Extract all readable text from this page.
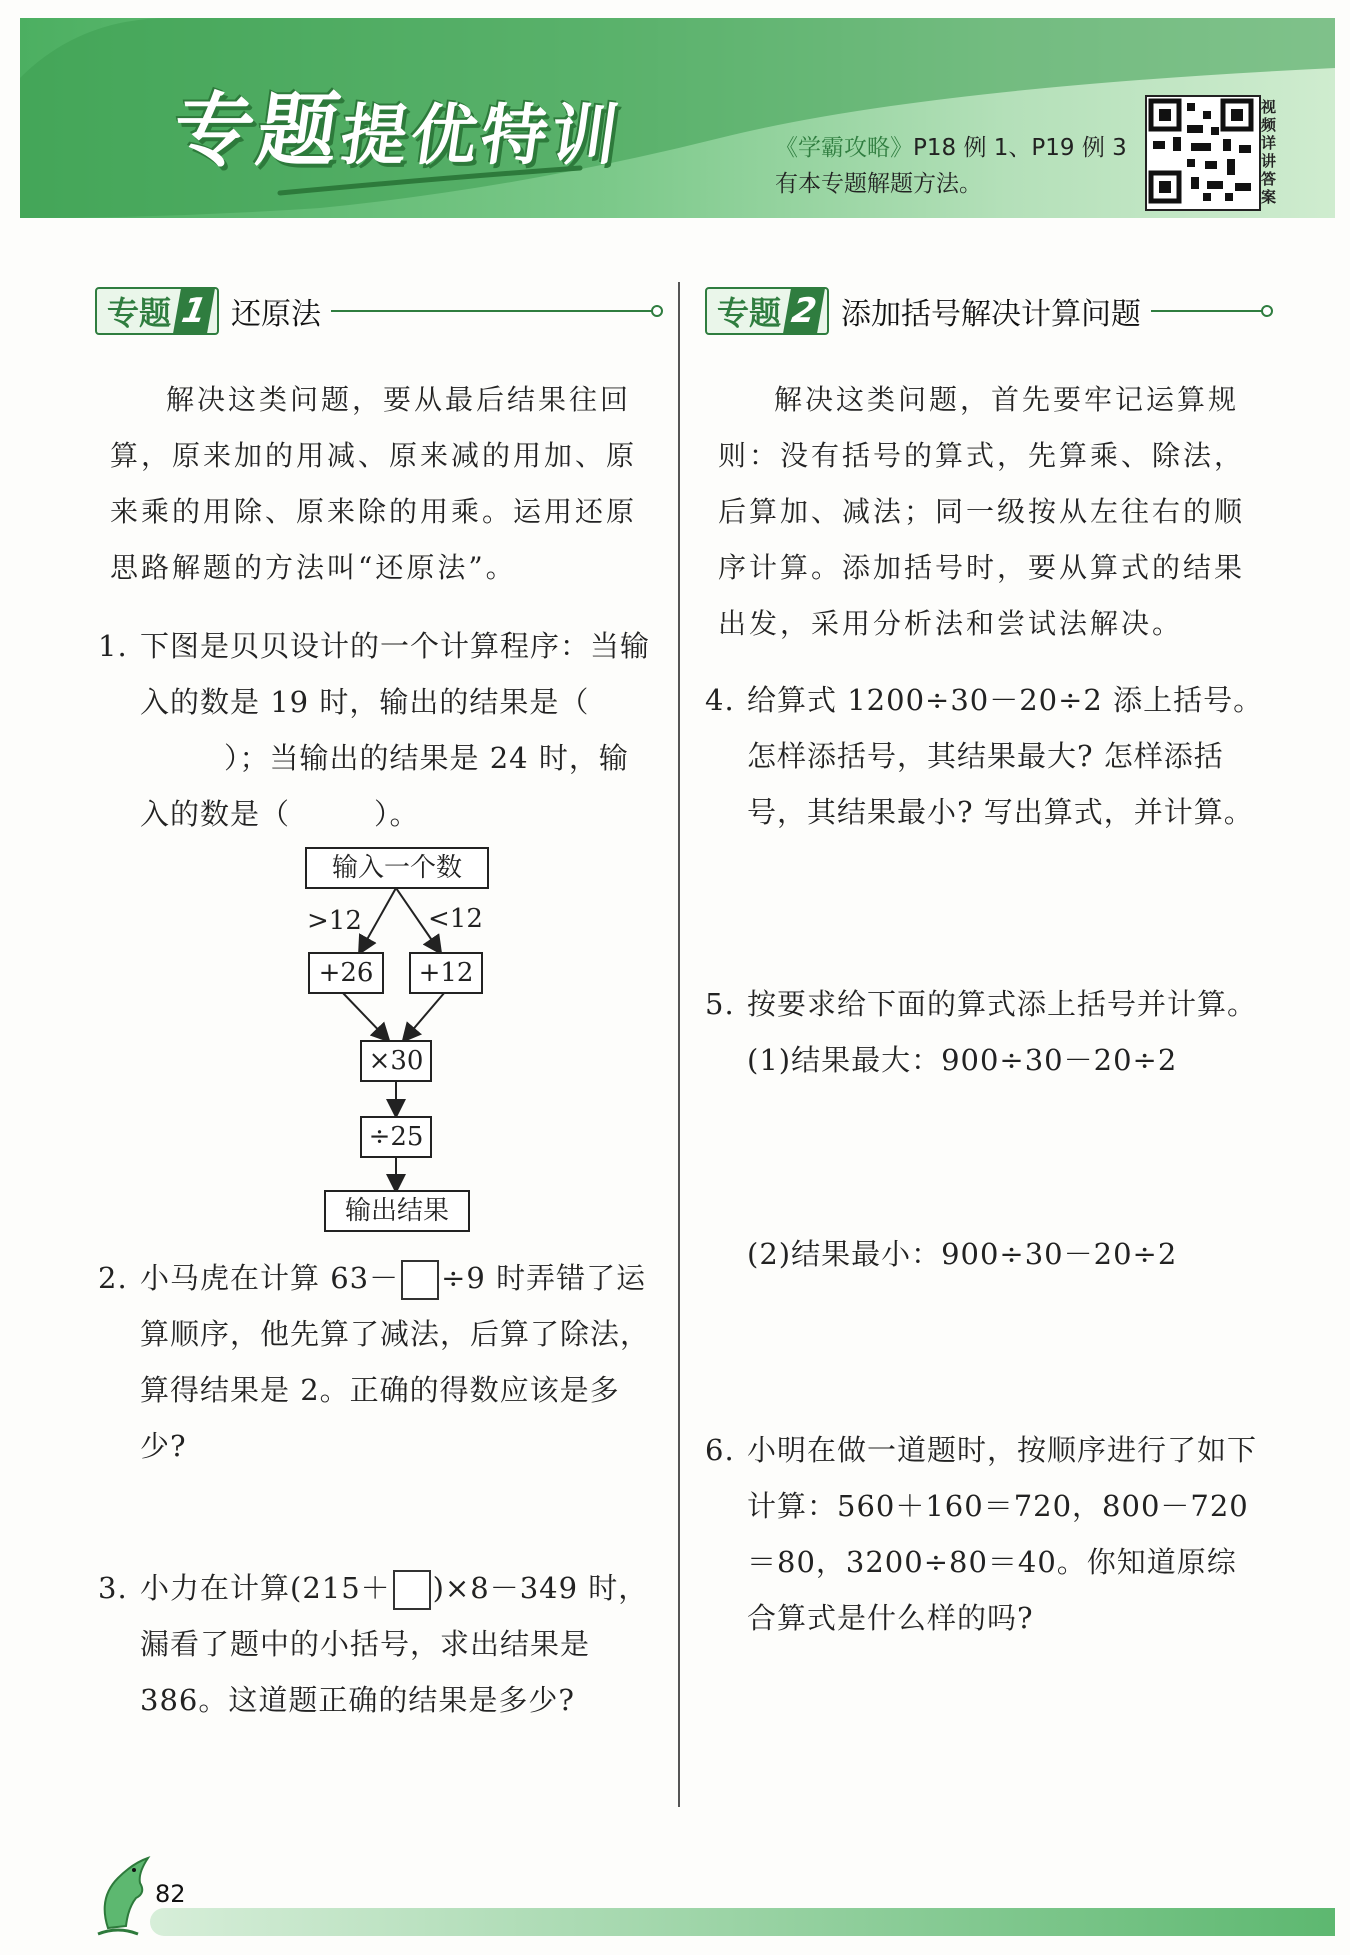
专题提优特训	《学霸攻略》P18 例 1、P19 例 3
有本专题解题方法。
视频详讲答案
专题 1 还原法
解决这类问题，要从最后结果往回算，原来加的用减、原来减的用加、原来乘的用除、原来除的用乘。运用还原思路解题的方法叫“还原法”。
1. 下图是贝贝设计的一个计算程序：当输入的数是 19 时，输出的结果是（）；当输出的结果是 24 时，输入的数是（	）。
输入一个数
>12	<12
+26	+12
×30
÷25
输出结果
2. 小马虎在计算 63－ ÷9 时弄错了运算顺序，他先算了减法，后算了除法，算得结果是 2。正确的得数应该是多少?
3. 小力在计算(215＋ )×8－349 时，漏看了题中的小括号，求出结果是 386。这道题正确的结果是多少?
专题 2 添加括号解决计算问题
解决这类问题，首先要牢记运算规则：没有括号的算式，先算乘、除法，后算加、减法；同一级按从左往右的顺序计算。添加括号时，要从算式的结果出发，采用分析法和尝试法解决。
4. 给算式 1200÷30－20÷2 添上括号。怎样添括号，其结果最大? 怎样添括号，其结果最小? 写出算式，并计算。
5. 按要求给下面的算式添上括号并计算。
(1)结果最大：900÷30－20÷2
(2)结果最小：900÷30－20÷2
6. 小明在做一道题时，按顺序进行了如下计算：560＋160＝720，800－720＝80，3200÷80＝40。你知道原综合算式是什么样的吗?
82
